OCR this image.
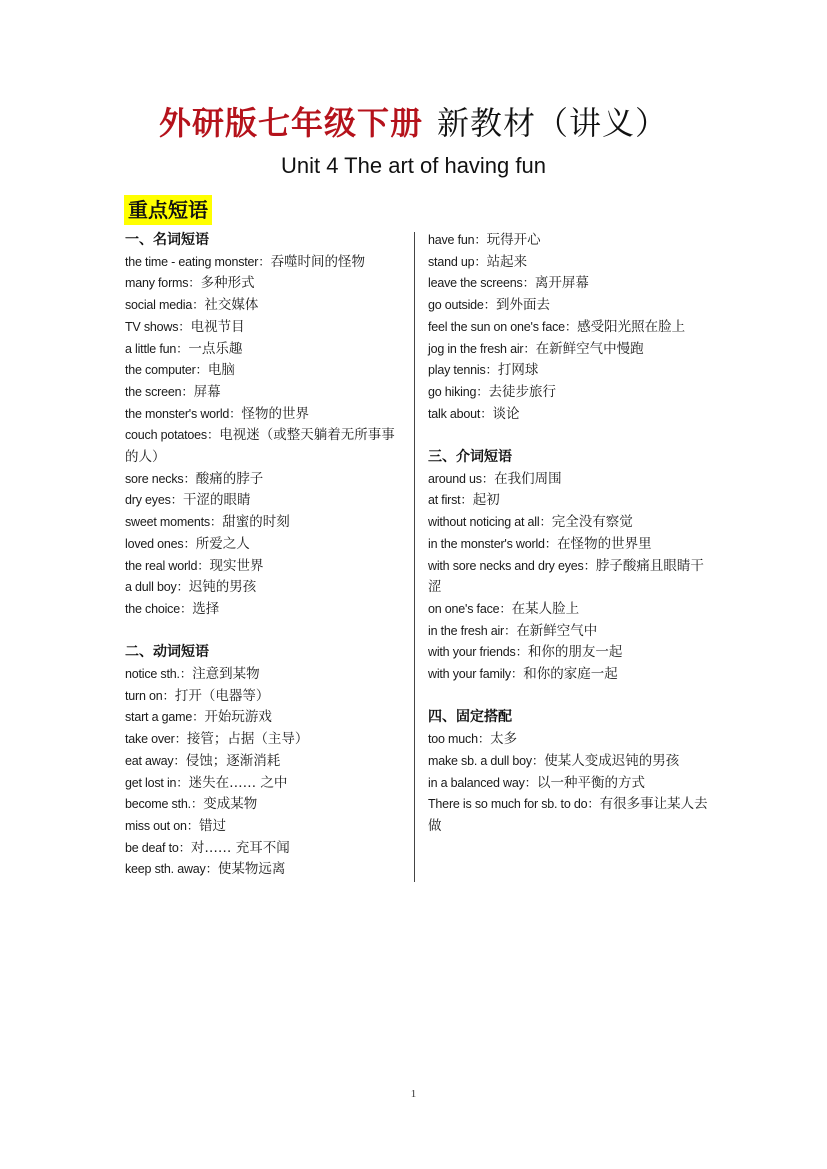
外研版七年级下册 新教材（讲义）
Unit 4 The art of having fun
重点短语
一、名词短语
the time - eating monster：吞噬时间的怪物
many forms：多种形式
social media：社交媒体
TV shows：电视节目
a little fun：一点乐趣
the computer：电脑
the screen：屏幕
the monster's world：怪物的世界
couch potatoes：电视迷（或整天躺着无所事事的人）
sore necks：酸痛的脖子
dry eyes：干涩的眼睛
sweet moments：甜蜜的时刻
loved ones：所爱之人
the real world：现实世界
a dull boy：迟钝的男孩
the choice：选择
二、动词短语
notice sth.：注意到某物
turn on：打开（电器等）
start a game：开始玩游戏
take over：接管；占据（主导）
eat away：侵蚀；逐渐消耗
get lost in：迷失在…… 之中
become sth.：变成某物
miss out on：错过
be deaf to：对…… 充耳不闻
keep sth. away：使某物远离
have fun：玩得开心
stand up：站起来
leave the screens：离开屏幕
go outside：到外面去
feel the sun on one's face：感受阳光照在脸上
jog in the fresh air：在新鲜空气中慢跑
play tennis：打网球
go hiking：去徒步旅行
talk about：谈论
三、介词短语
around us：在我们周围
at first：起初
without noticing at all：完全没有察觉
in the monster's world：在怪物的世界里
with sore necks and dry eyes：脖子酸痛且眼睛干涩
on one's face：在某人脸上
in the fresh air：在新鲜空气中
with your friends：和你的朋友一起
with your family：和你的家庭一起
四、固定搭配
too much：太多
make sb. a dull boy：使某人变成迟钝的男孩
in a balanced way：以一种平衡的方式
There is so much for sb. to do：有很多事让某人去做
1
